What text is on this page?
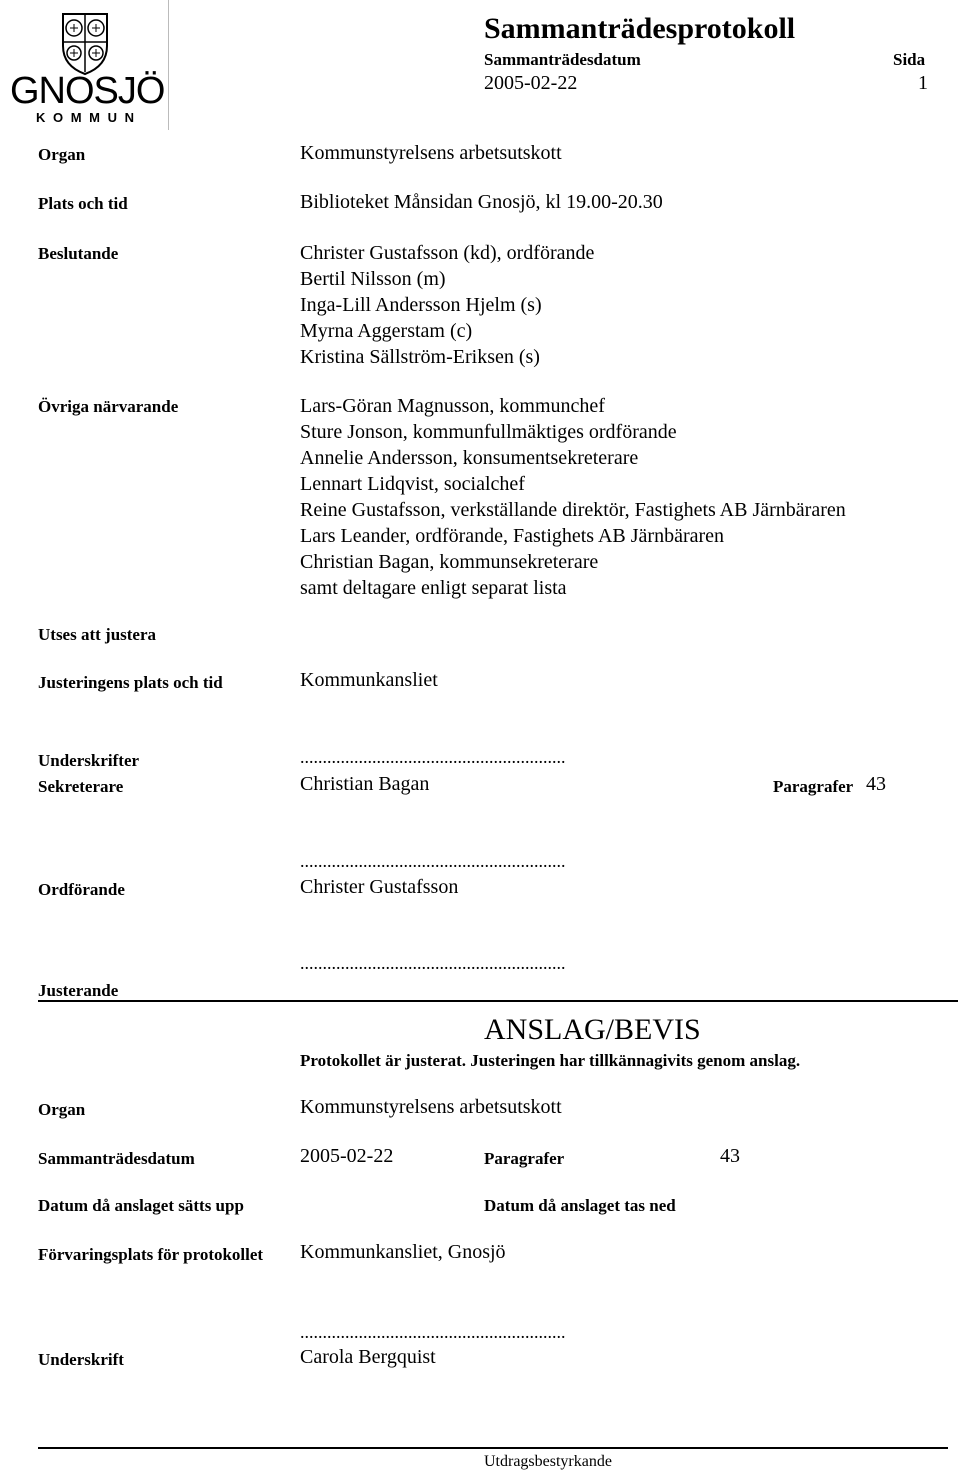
GNOSJÖ
K O M M U N
Sammanträdesprotokoll
Sammanträdesdatum	Sida
2005-02-22	1
Organ	Kommunstyrelsens arbetsutskott
Plats och tid	Biblioteket Månsidan Gnosjö, kl 19.00-20.30
Beslutande	Christer Gustafsson (kd), ordförande
Bertil Nilsson (m)
Inga-Lill Andersson Hjelm (s)
Myrna Aggerstam (c)
Kristina Sällström-Eriksen (s)
Övriga närvarande	Lars-Göran Magnusson, kommunchef
Sture Jonson, kommunfullmäktiges ordförande
Annelie Andersson, konsumentsekreterare
Lennart Lidqvist, socialchef
Reine Gustafsson, verkställande direktör, Fastighets AB Järnbäraren
Lars Leander, ordförande, Fastighets AB Järnbäraren
Christian Bagan, kommunsekreterare
samt deltagare enligt separat lista
Utses att justera
Justeringens plats och tid	Kommunkansliet
Underskrifter	...........................................................
Sekreterare	Christian Bagan	Paragrafer 43
...........................................................
Ordförande	Christer Gustafsson
...........................................................
Justerande
ANSLAG/BEVIS
Protokollet är justerat. Justeringen har tillkännagivits genom anslag.
Organ	Kommunstyrelsens arbetsutskott
Sammanträdesdatum	2005-02-22	Paragrafer	43
Datum då anslaget sätts upp	Datum då anslaget tas ned
Förvaringsplats för protokollet Kommunkansliet, Gnosjö
...........................................................
Underskrift	Carola Bergquist
Utdragsbestyrkande
